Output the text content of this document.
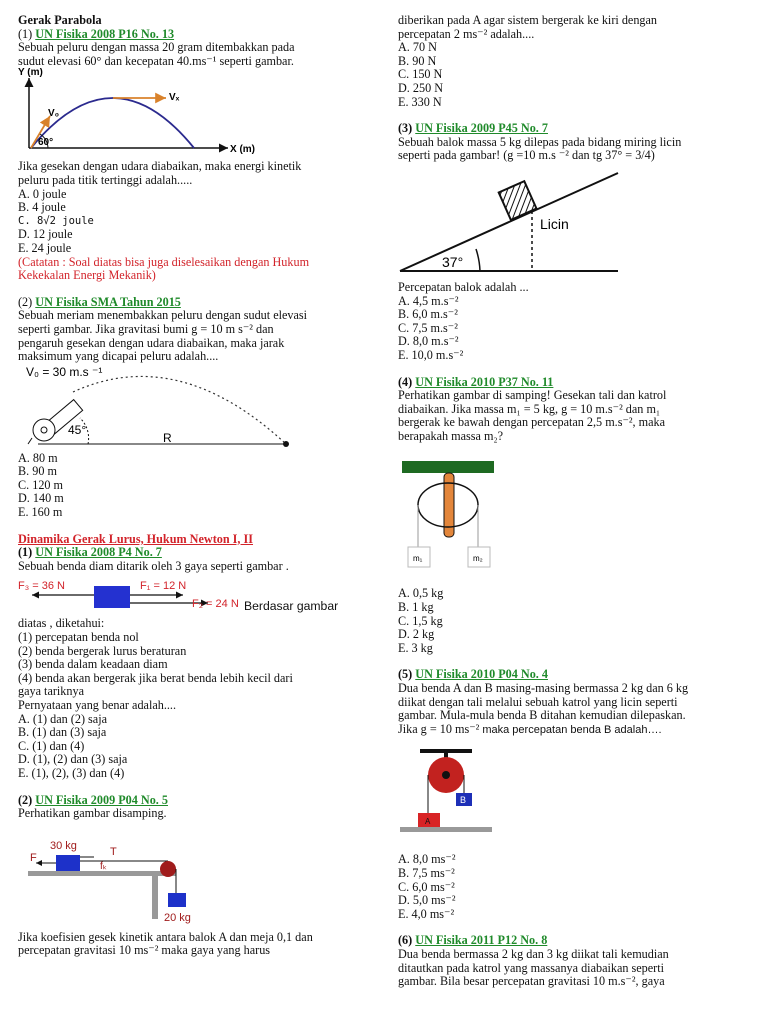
Gerak Parabola

(1) UN Fisika 2008 P16 No. 13

Sebuah peluru dengan massa 20 gram ditembakkan pada

sudut elevasi 60° dan kecepatan 40.ms⁻¹ seperti gambar.

Y (m)
X (m)
V₀
Vₓ
60°

Jika gesekan dengan udara diabaikan, maka energi kinetik

peluru pada titik tertinggi adalah.....

A. 0 joule

B. 4 joule

C. 8√2 joule

D. 12 joule

E. 24 joule

(Catatan : Soal diatas bisa juga diselesaikan dengan Hukum

Kekekalan Energi Mekanik)

(2) UN Fisika SMA Tahun 2015

Sebuah meriam menembakkan peluru dengan sudut elevasi

seperti gambar. Jika gravitasi bumi g = 10 m s⁻² dan

pengaruh gesekan dengan udara diabaikan, maka jarak

maksimum yang dicapai peluru adalah....

V₀ = 30 m.s ⁻¹
45°
R

A. 80 m

B. 90 m

C. 120 m

D. 140 m

E. 160 m

Dinamika Gerak Lurus, Hukum Newton I, II

(1) UN Fisika 2008 P4 No. 7

Sebuah benda diam ditarik oleh 3 gaya seperti gambar .

F₃ = 36 N	F₁ = 12 N
F₂ = 24 N Berdasar gambar

diatas , diketahui:

(1) percepatan benda nol

(2) benda bergerak lurus beraturan

(3) benda dalam keadaan diam

(4) benda akan bergerak jika berat benda lebih kecil dari

gaya tariknya

Pernyataan yang benar adalah....

A. (1) dan (2) saja

B. (1) dan (3) saja

C. (1) dan (4)

D. (1), (2) dan (3) saja

E. (1), (2), (3) dan (4)

(2) UN Fisika 2009 P04 No. 5

Perhatikan gambar disamping.

30 kg	T
F
fₖ
20 kg

Jika koefisien gesek kinetik antara balok A dan meja 0,1 dan

percepatan gravitasi 10 ms⁻² maka gaya yang harus

diberikan pada A agar sistem bergerak ke kiri dengan

percepatan 2 ms⁻² adalah....

A. 70 N

B. 90 N

C. 150 N

D. 250 N

E. 330 N

(3) UN Fisika 2009 P45 No. 7

Sebuah balok massa 5 kg dilepas pada bidang miring licin

seperti pada gambar! (g =10 m.s ⁻² dan tg 37° = 3/4)

37°
Licin

Percepatan balok adalah ...

A. 4,5 m.s⁻²

B. 6,0 m.s⁻²

C. 7,5 m.s⁻²

D. 8,0 m.s⁻²

E. 10,0 m.s⁻²

(4) UN Fisika 2010 P37 No. 11

Perhatikan gambar di samping! Gesekan tali dan katrol

diabaikan. Jika massa m₁ = 5 kg, g = 10 m.s⁻² dan m₁

bergerak ke bawah dengan percepatan 2,5 m.s⁻², maka

berapakah massa m₂?

m₁	m₂

A. 0,5 kg

B. 1 kg

C. 1,5 kg

D. 2 kg

E. 3 kg

(5) UN Fisika 2010 P04 No. 4

Dua benda A dan B masing-masing bermassa 2 kg dan 6 kg

diikat dengan tali melalui sebuah katrol yang licin seperti

gambar. Mula-mula benda B ditahan kemudian dilepaskan.

Jika g = 10 ms⁻² maka percepatan benda B adalah….

B
A

A. 8,0 ms⁻²

B. 7,5 ms⁻²

C. 6,0 ms⁻²

D. 5,0 ms⁻²

E. 4,0 ms⁻²

(6) UN Fisika 2011 P12 No. 8

Dua benda bermassa 2 kg dan 3 kg diikat tali kemudian

ditautkan pada katrol yang massanya diabaikan seperti

gambar. Bila besar percepatan gravitasi 10 m.s⁻², gaya
